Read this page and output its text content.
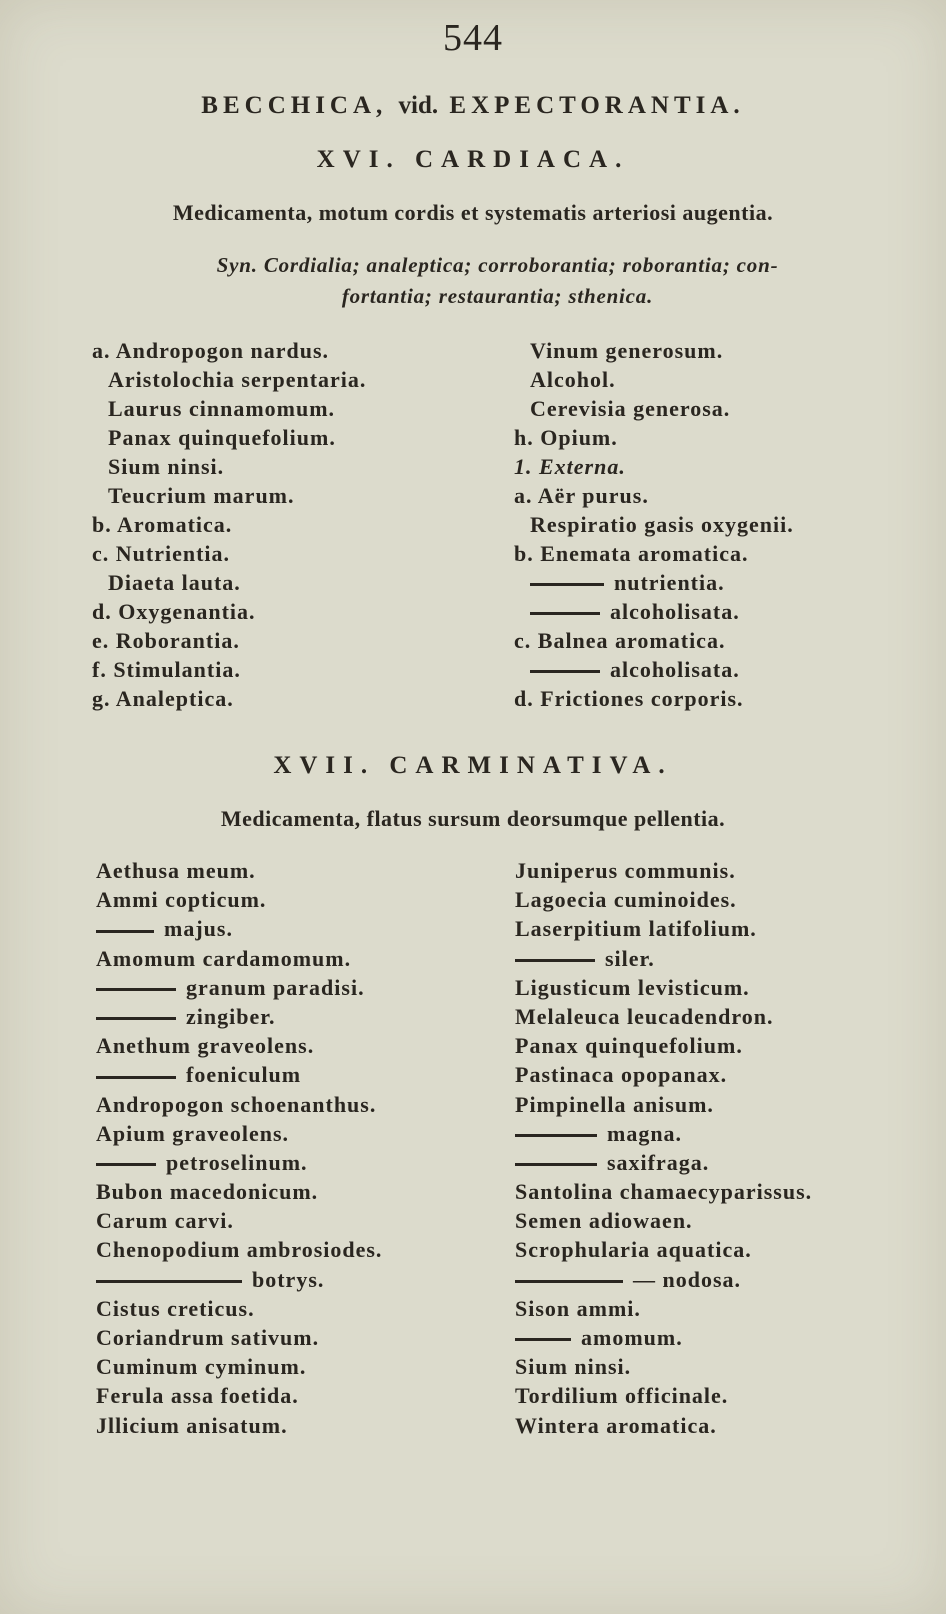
544
BECCHICA, vid. EXPECTORANTIA.
XVI. CARDIACA.
Medicamenta, motum cordis et systematis arteriosi augentia.
Syn. Cordialia; analeptica; corroborantia; roborantia; con-
fortantia; restaurantia; sthenica.
a. Andropogon nardus.
Aristolochia serpentaria.
Laurus cinnamomum.
Panax quinquefolium.
Sium ninsi.
Teucrium marum.
b. Aromatica.
c. Nutrientia.
Diaeta lauta.
d. Oxygenantia.
e. Roborantia.
f. Stimulantia.
g. Analeptica.
Vinum generosum.
Alcohol.
Cerevisia generosa.
h. Opium.
1. Externa.
a. Aër purus.
Respiratio gasis oxygenii.
b. Enemata aromatica.
nutrientia.
alcoholisata.
c. Balnea aromatica.
alcoholisata.
d. Frictiones corporis.
XVII. CARMINATIVA.
Medicamenta, flatus sursum deorsumque pellentia.
Aethusa meum.
Ammi copticum.
majus.
Amomum cardamomum.
granum paradisi.
zingiber.
Anethum graveolens.
foeniculum
Andropogon schoenanthus.
Apium graveolens.
petroselinum.
Bubon macedonicum.
Carum carvi.
Chenopodium ambrosiodes.
botrys.
Cistus creticus.
Coriandrum sativum.
Cuminum cyminum.
Ferula assa foetida.
Jllicium anisatum.
Juniperus communis.
Lagoecia cuminoides.
Laserpitium latifolium.
siler.
Ligusticum levisticum.
Melaleuca leucadendron.
Panax quinquefolium.
Pastinaca opopanax.
Pimpinella anisum.
magna.
saxifraga.
Santolina chamaecyparissus.
Semen adiowaen.
Scrophularia aquatica.
— nodosa.
Sison ammi.
amomum.
Sium ninsi.
Tordilium officinale.
Wintera aromatica.
